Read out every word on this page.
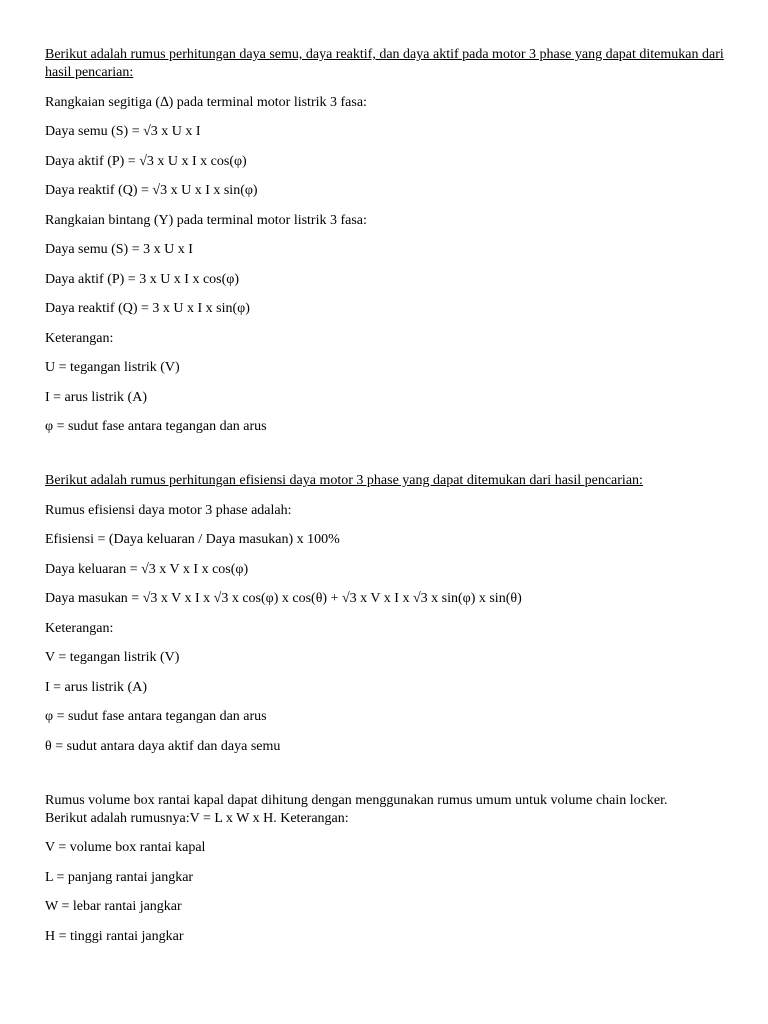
Berikut adalah rumus perhitungan daya semu, daya reaktif, dan daya aktif pada motor 3 phase yang dapat ditemukan dari hasil pencarian:
Rangkaian segitiga (∆) pada terminal motor listrik 3 fasa:
Daya semu (S) = √3 x U x I
Daya aktif (P) = √3 x U x I x cos(φ)
Daya reaktif (Q) = √3 x U x I x sin(φ)
Rangkaian bintang (Y) pada terminal motor listrik 3 fasa:
Daya semu (S) = 3 x U x I
Daya aktif (P) = 3 x U x I x cos(φ)
Daya reaktif (Q) = 3 x U x I x sin(φ)
Keterangan:
U = tegangan listrik (V)
I = arus listrik (A)
φ = sudut fase antara tegangan dan arus
Berikut adalah rumus perhitungan efisiensi daya motor 3 phase yang dapat ditemukan dari hasil pencarian:
Rumus efisiensi daya motor 3 phase adalah:
Efisiensi = (Daya keluaran / Daya masukan) x 100%
Daya keluaran = √3 x V x I x cos(φ)
Daya masukan = √3 x V x I x √3 x cos(φ) x cos(θ) + √3 x V x I x √3 x sin(φ) x sin(θ)
Keterangan:
V = tegangan listrik (V)
I = arus listrik (A)
φ = sudut fase antara tegangan dan arus
θ = sudut antara daya aktif dan daya semu
Rumus volume box rantai kapal dapat dihitung dengan menggunakan rumus umum untuk volume chain locker.
Berikut adalah rumusnya:V = L x W x H. Keterangan:
V = volume box rantai kapal
L = panjang rantai jangkar
W = lebar rantai jangkar
H = tinggi rantai jangkar
